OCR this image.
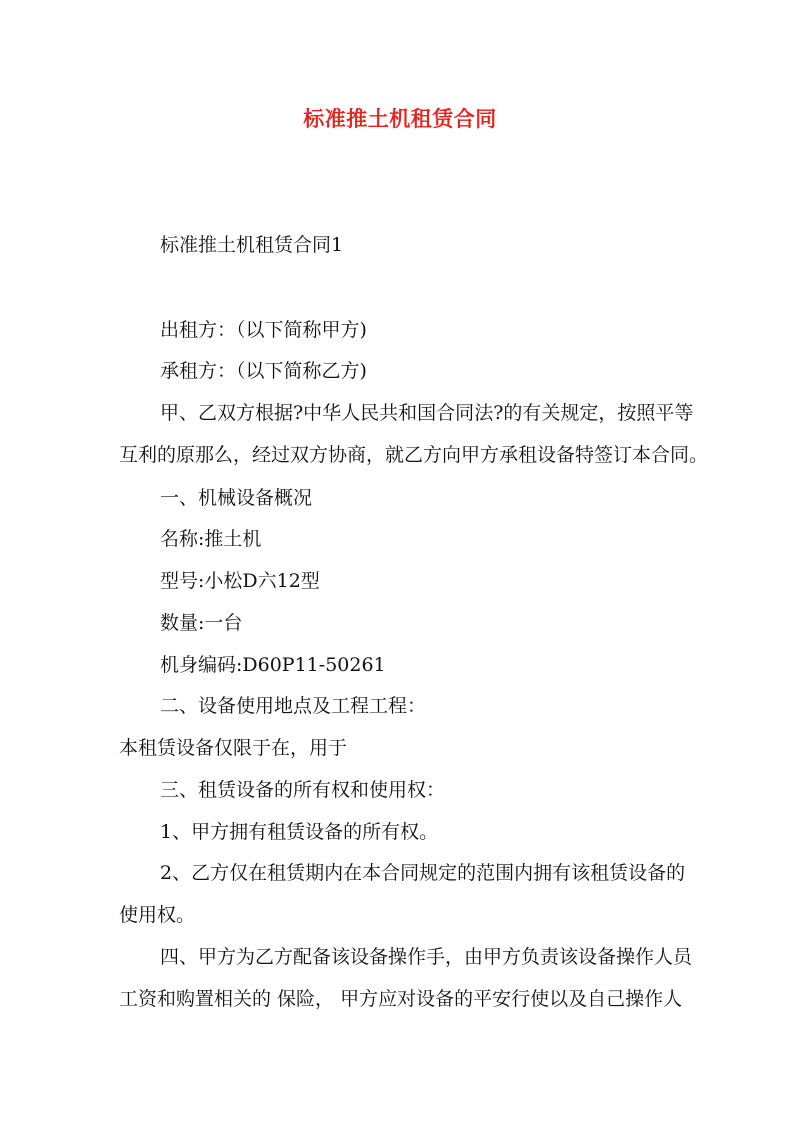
标准推土机租赁合同
标准推土机租赁合同1
出租方：（以下简称甲方)
承租方：（以下简称乙方)
甲、乙双方根据?中华人民共和国合同法?的有关规定，按照平等
互利的原那么，经过双方协商，就乙方向甲方承租设备特签订本合同。
一、机械设备概况
名称:推土机
型号:小松D六12型
数量:一台
机身编码:D60P11-50261
二、设备使用地点及工程工程：
本租赁设备仅限于在，用于
三、租赁设备的所有权和使用权：
1、甲方拥有租赁设备的所有权。
2、乙方仅在租赁期内在本合同规定的范围内拥有该租赁设备的
使用权。
四、甲方为乙方配备该设备操作手，由甲方负责该设备操作人员
工资和购置相关的 保险， 甲方应对设备的平安行使以及自己操作人
